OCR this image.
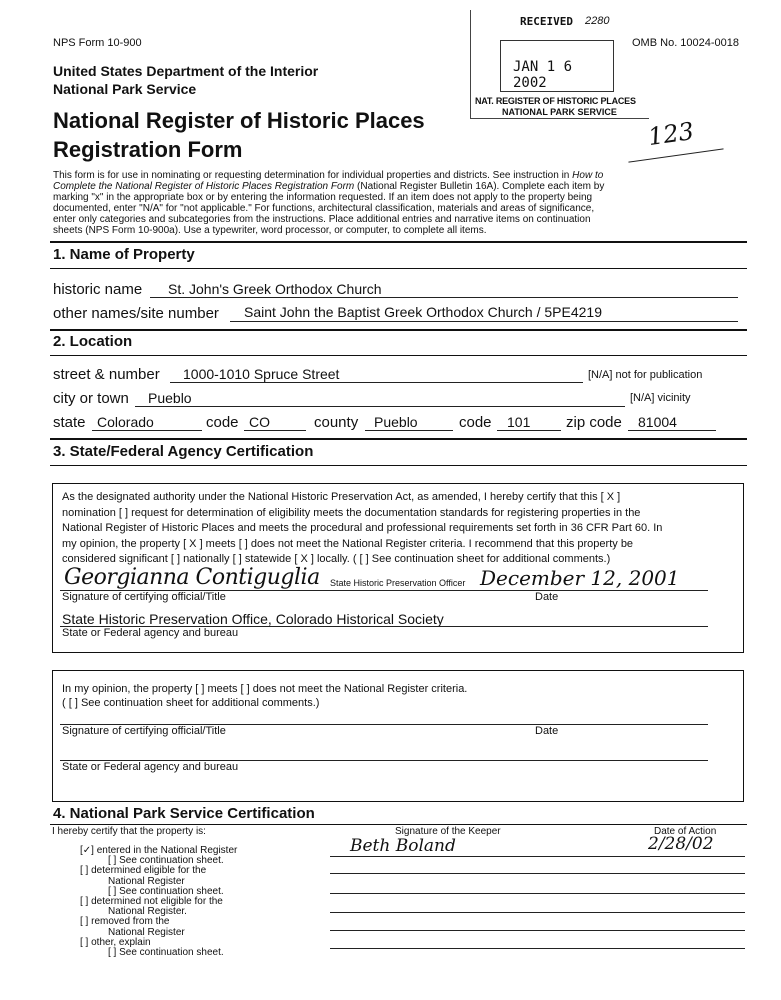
NPS Form 10-900	OMB No. 10024-0018
United States Department of the Interior
National Park Service
National Register of Historic Places
Registration Form
RECEIVED 2280
JAN 1 6 2002
NAT. REGISTER OF HISTORIC PLACES
NATIONAL PARK SERVICE
123
This form is for use in nominating or requesting determination for individual properties and districts. See instruction in How to
Complete the National Register of Historic Places Registration Form (National Register Bulletin 16A). Complete each item by
marking "x" in the appropriate box or by entering the information requested. If an item does not apply to the property being
documented, enter "N/A" for "not applicable." For functions, architectural classification, materials and areas of significance,
enter only categories and subcategories from the instructions. Place additional entries and narrative items on continuation
sheets (NPS Form 10-900a). Use a typewriter, word processor, or computer, to complete all items.
1. Name of Property
historic name St. John's Greek Orthodox Church
other names/site number Saint John the Baptist Greek Orthodox Church / 5PE4219
2. Location
street & number 1000-1010 Spruce Street	[N/A] not for publication
city or town Pueblo	[N/A] vicinity
state Colorado	code CO	county Pueblo	code 101 zip code 81004
3. State/Federal Agency Certification
As the designated authority under the National Historic Preservation Act, as amended, I hereby certify that this [ X ]
nomination [ ] request for determination of eligibility meets the documentation standards for registering properties in the
National Register of Historic Places and meets the procedural and professional requirements set forth in 36 CFR Part 60. In
my opinion, the property [ X ] meets [ ] does not meet the National Register criteria. I recommend that this property be
considered significant [ ] nationally [ ] statewide [ X ] locally. ( [ ] See continuation sheet for additional comments.)
Georgianna Contiguglia State Historic Preservation Officer December 12, 2001
Signature of certifying official/Title	Date
State Historic Preservation Office, Colorado Historical Society
State or Federal agency and bureau
In my opinion, the property [ ] meets [ ] does not meet the National Register criteria.
( [ ] See continuation sheet for additional comments.)
Signature of certifying official/Title	Date
State or Federal agency and bureau
4. National Park Service Certification
I hereby certify that the property is:	Signature of the Keeper	Date of Action
Beth Boland	2/28/02
[✓] entered in the National Register
[ ] See continuation sheet.
[ ] determined eligible for the
National Register
[ ] See continuation sheet.
[ ] determined not eligible for the
National Register.
[ ] removed from the
National Register
[ ] other, explain
[ ] See continuation sheet.
